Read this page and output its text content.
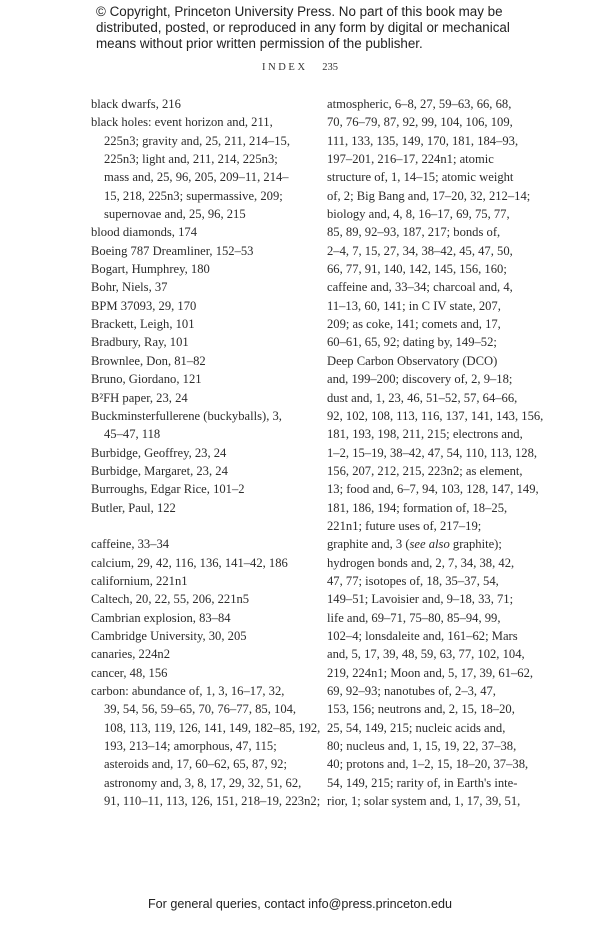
© Copyright, Princeton University Press. No part of this book may be
distributed, posted, or reproduced in any form by digital or mechanical
means without prior written permission of the publisher.
INDEX 235
black dwarfs, 216
black holes: event horizon and, 211,
225n3; gravity and, 25, 211, 214–15,
225n3; light and, 211, 214, 225n3;
mass and, 25, 96, 205, 209–11, 214–
15, 218, 225n3; supermassive, 209;
supernovae and, 25, 96, 215
blood diamonds, 174
Boeing 787 Dreamliner, 152–53
Bogart, Humphrey, 180
Bohr, Niels, 37
BPM 37093, 29, 170
Brackett, Leigh, 101
Bradbury, Ray, 101
Brownlee, Don, 81–82
Bruno, Giordano, 121
B²FH paper, 23, 24
Buckminsterfullerene (buckyballs), 3,
45–47, 118
Burbidge, Geoffrey, 23, 24
Burbidge, Margaret, 23, 24
Burroughs, Edgar Rice, 101–2
Butler, Paul, 122
caffeine, 33–34
calcium, 29, 42, 116, 136, 141–42, 186
californium, 221n1
Caltech, 20, 22, 55, 206, 221n5
Cambrian explosion, 83–84
Cambridge University, 30, 205
canaries, 224n2
cancer, 48, 156
carbon: abundance of, 1, 3, 16–17, 32,
39, 54, 56, 59–65, 70, 76–77, 85, 104,
108, 113, 119, 126, 141, 149, 182–85, 192,
193, 213–14; amorphous, 47, 115;
asteroids and, 17, 60–62, 65, 87, 92;
astronomy and, 3, 8, 17, 29, 32, 51, 62,
91, 110–11, 113, 126, 151, 218–19, 223n2;
atmospheric, 6–8, 27, 59–63, 66, 68,
70, 76–79, 87, 92, 99, 104, 106, 109,
111, 133, 135, 149, 170, 181, 184–93,
197–201, 216–17, 224n1; atomic
structure of, 1, 14–15; atomic weight
of, 2; Big Bang and, 17–20, 32, 212–14;
biology and, 4, 8, 16–17, 69, 75, 77,
85, 89, 92–93, 187, 217; bonds of,
2–4, 7, 15, 27, 34, 38–42, 45, 47, 50,
66, 77, 91, 140, 142, 145, 156, 160;
caffeine and, 33–34; charcoal and, 4,
11–13, 60, 141; in C IV state, 207,
209; as coke, 141; comets and, 17,
60–61, 65, 92; dating by, 149–52;
Deep Carbon Observatory (DCO)
and, 199–200; discovery of, 2, 9–18;
dust and, 1, 23, 46, 51–52, 57, 64–66,
92, 102, 108, 113, 116, 137, 141, 143, 156,
181, 193, 198, 211, 215; electrons and,
1–2, 15–19, 38–42, 47, 54, 110, 113, 128,
156, 207, 212, 215, 223n2; as element,
13; food and, 6–7, 94, 103, 128, 147, 149,
181, 186, 194; formation of, 18–25,
221n1; future uses of, 217–19;
graphite and, 3 (see also graphite);
hydrogen bonds and, 2, 7, 34, 38, 42,
47, 77; isotopes of, 18, 35–37, 54,
149–51; Lavoisier and, 9–18, 33, 71;
life and, 69–71, 75–80, 85–94, 99,
102–4; lonsdaleite and, 161–62; Mars
and, 5, 17, 39, 48, 59, 63, 77, 102, 104,
219, 224n1; Moon and, 5, 17, 39, 61–62,
69, 92–93; nanotubes of, 2–3, 47,
153, 156; neutrons and, 2, 15, 18–20,
25, 54, 149, 215; nucleic acids and,
80; nucleus and, 1, 15, 19, 22, 37–38,
40; protons and, 1–2, 15, 18–20, 37–38,
54, 149, 215; rarity of, in Earth's inte-
rior, 1; solar system and, 1, 17, 39, 51,
For general queries, contact info@press.princeton.edu
